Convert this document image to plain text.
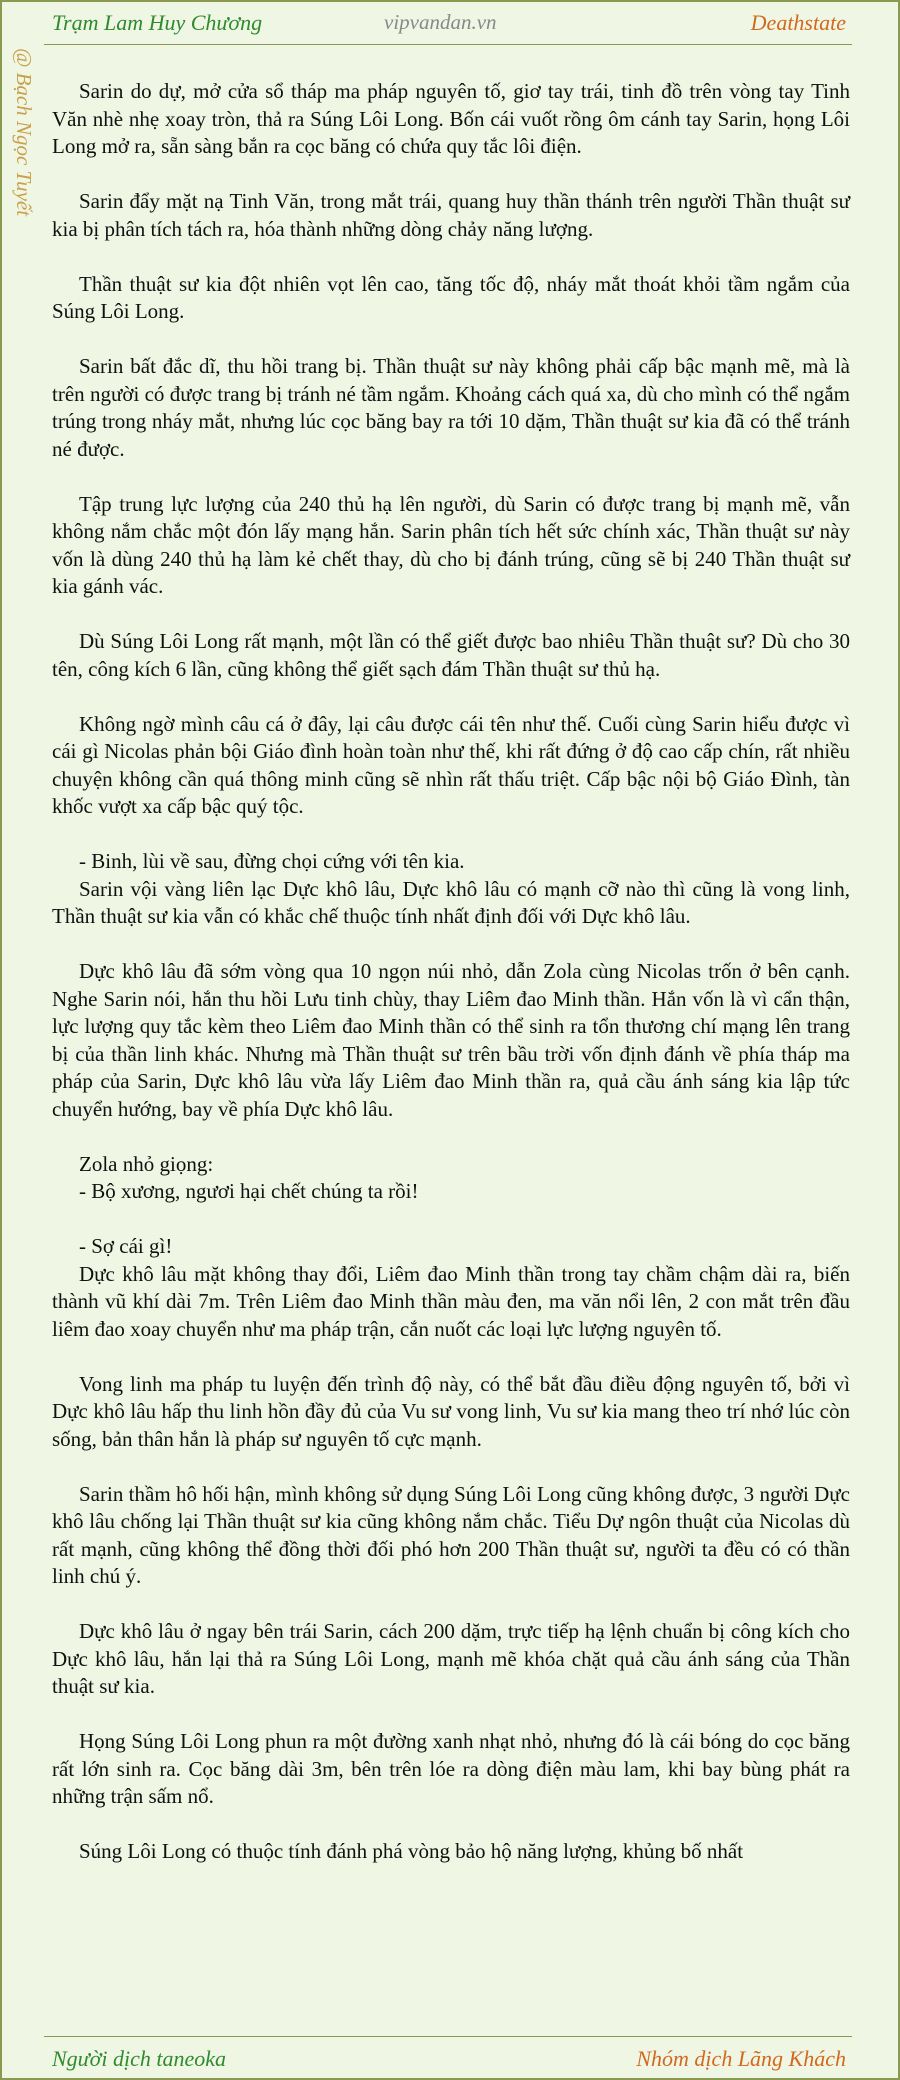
Trạm Lam Huy Chương	vipvandan.vn	Deathstate
@ Bạch Ngọc Tuyết	Sarin do dự, mở cửa sổ tháp ma pháp nguyên tố, giơ tay trái, tinh đồ trên vòng tay Tinh Văn nhè nhẹ xoay tròn, thả ra Súng Lôi Long. Bốn cái vuốt rồng ôm cánh tay Sarin, họng Lôi Long mở ra, sẵn sàng bắn ra cọc băng có chứa quy tắc lôi điện.

Sarin đẩy mặt nạ Tinh Văn, trong mắt trái, quang huy thần thánh trên người Thần thuật sư kia bị phân tích tách ra, hóa thành những dòng chảy năng lượng.

Thần thuật sư kia đột nhiên vọt lên cao, tăng tốc độ, nháy mắt thoát khỏi tầm ngắm của Súng Lôi Long.

Sarin bất đắc dĩ, thu hồi trang bị. Thần thuật sư này không phải cấp bậc mạnh mẽ, mà là trên người có được trang bị tránh né tầm ngắm. Khoảng cách quá xa, dù cho mình có thể ngắm trúng trong nháy mắt, nhưng lúc cọc băng bay ra tới 10 dặm, Thần thuật sư kia đã có thể tránh né được.

Tập trung lực lượng của 240 thủ hạ lên người, dù Sarin có được trang bị mạnh mẽ, vẫn không nắm chắc một đón lấy mạng hắn. Sarin phân tích hết sức chính xác, Thần thuật sư này vốn là dùng 240 thủ hạ làm kẻ chết thay, dù cho bị đánh trúng, cũng sẽ bị 240 Thần thuật sư kia gánh vác.

Dù Súng Lôi Long rất mạnh, một lần có thể giết được bao nhiêu Thần thuật sư? Dù cho 30 tên, công kích 6 lần, cũng không thể giết sạch đám Thần thuật sư thủ hạ.

Không ngờ mình câu cá ở đây, lại câu được cái tên như thế. Cuối cùng Sarin hiểu được vì cái gì Nicolas phản bội Giáo đình hoàn toàn như thế, khi rất đứng ở độ cao cấp chín, rất nhiều chuyện không cần quá thông minh cũng sẽ nhìn rất thấu triệt. Cấp bậc nội bộ Giáo Đình, tàn khốc vượt xa cấp bậc quý tộc.

- Binh, lùi về sau, đừng chọi cứng với tên kia.

Sarin vội vàng liên lạc Dực khô lâu, Dực khô lâu có mạnh cỡ nào thì cũng là vong linh, Thần thuật sư kia vẫn có khắc chế thuộc tính nhất định đối với Dực khô lâu.

Dực khô lâu đã sớm vòng qua 10 ngọn núi nhỏ, dẫn Zola cùng Nicolas trốn ở bên cạnh. Nghe Sarin nói, hắn thu hồi Lưu tinh chùy, thay Liêm đao Minh thần. Hắn vốn là vì cẩn thận, lực lượng quy tắc kèm theo Liêm đao Minh thần có thể sinh ra tổn thương chí mạng lên trang bị của thần linh khác. Nhưng mà Thần thuật sư trên bầu trời vốn định đánh về phía tháp ma pháp của Sarin, Dực khô lâu vừa lấy Liêm đao Minh thần ra, quả cầu ánh sáng kia lập tức chuyển hướng, bay về phía Dực khô lâu.

Zola nhỏ giọng:

- Bộ xương, ngươi hại chết chúng ta rồi!

- Sợ cái gì!

Dực khô lâu mặt không thay đổi, Liêm đao Minh thần trong tay chầm chậm dài ra, biến thành vũ khí dài 7m. Trên Liêm đao Minh thần màu đen, ma văn nổi lên, 2 con mắt trên đầu liêm đao xoay chuyển như ma pháp trận, cắn nuốt các loại lực lượng nguyên tố.

Vong linh ma pháp tu luyện đến trình độ này, có thể bắt đầu điều động nguyên tố, bởi vì Dực khô lâu hấp thu linh hồn đầy đủ của Vu sư vong linh, Vu sư kia mang theo trí nhớ lúc còn sống, bản thân hắn là pháp sư nguyên tố cực mạnh.

Sarin thầm hô hối hận, mình không sử dụng Súng Lôi Long cũng không được, 3 người Dực khô lâu chống lại Thần thuật sư kia cũng không nắm chắc. Tiểu Dự ngôn thuật của Nicolas dù rất mạnh, cũng không thể đồng thời đối phó hơn 200 Thần thuật sư, người ta đều có có thần linh chú ý.

Dực khô lâu ở ngay bên trái Sarin, cách 200 dặm, trực tiếp hạ lệnh chuẩn bị công kích cho Dực khô lâu, hắn lại thả ra Súng Lôi Long, mạnh mẽ khóa chặt quả cầu ánh sáng của Thần thuật sư kia.

Họng Súng Lôi Long phun ra một đường xanh nhạt nhỏ, nhưng đó là cái bóng do cọc băng rất lớn sinh ra. Cọc băng dài 3m, bên trên lóe ra dòng điện màu lam, khi bay bùng phát ra những trận sấm nổ.

Súng Lôi Long có thuộc tính đánh phá vòng bảo hộ năng lượng, khủng bố nhất

Người dịch taneoka	Nhóm dịch Lãng Khách
